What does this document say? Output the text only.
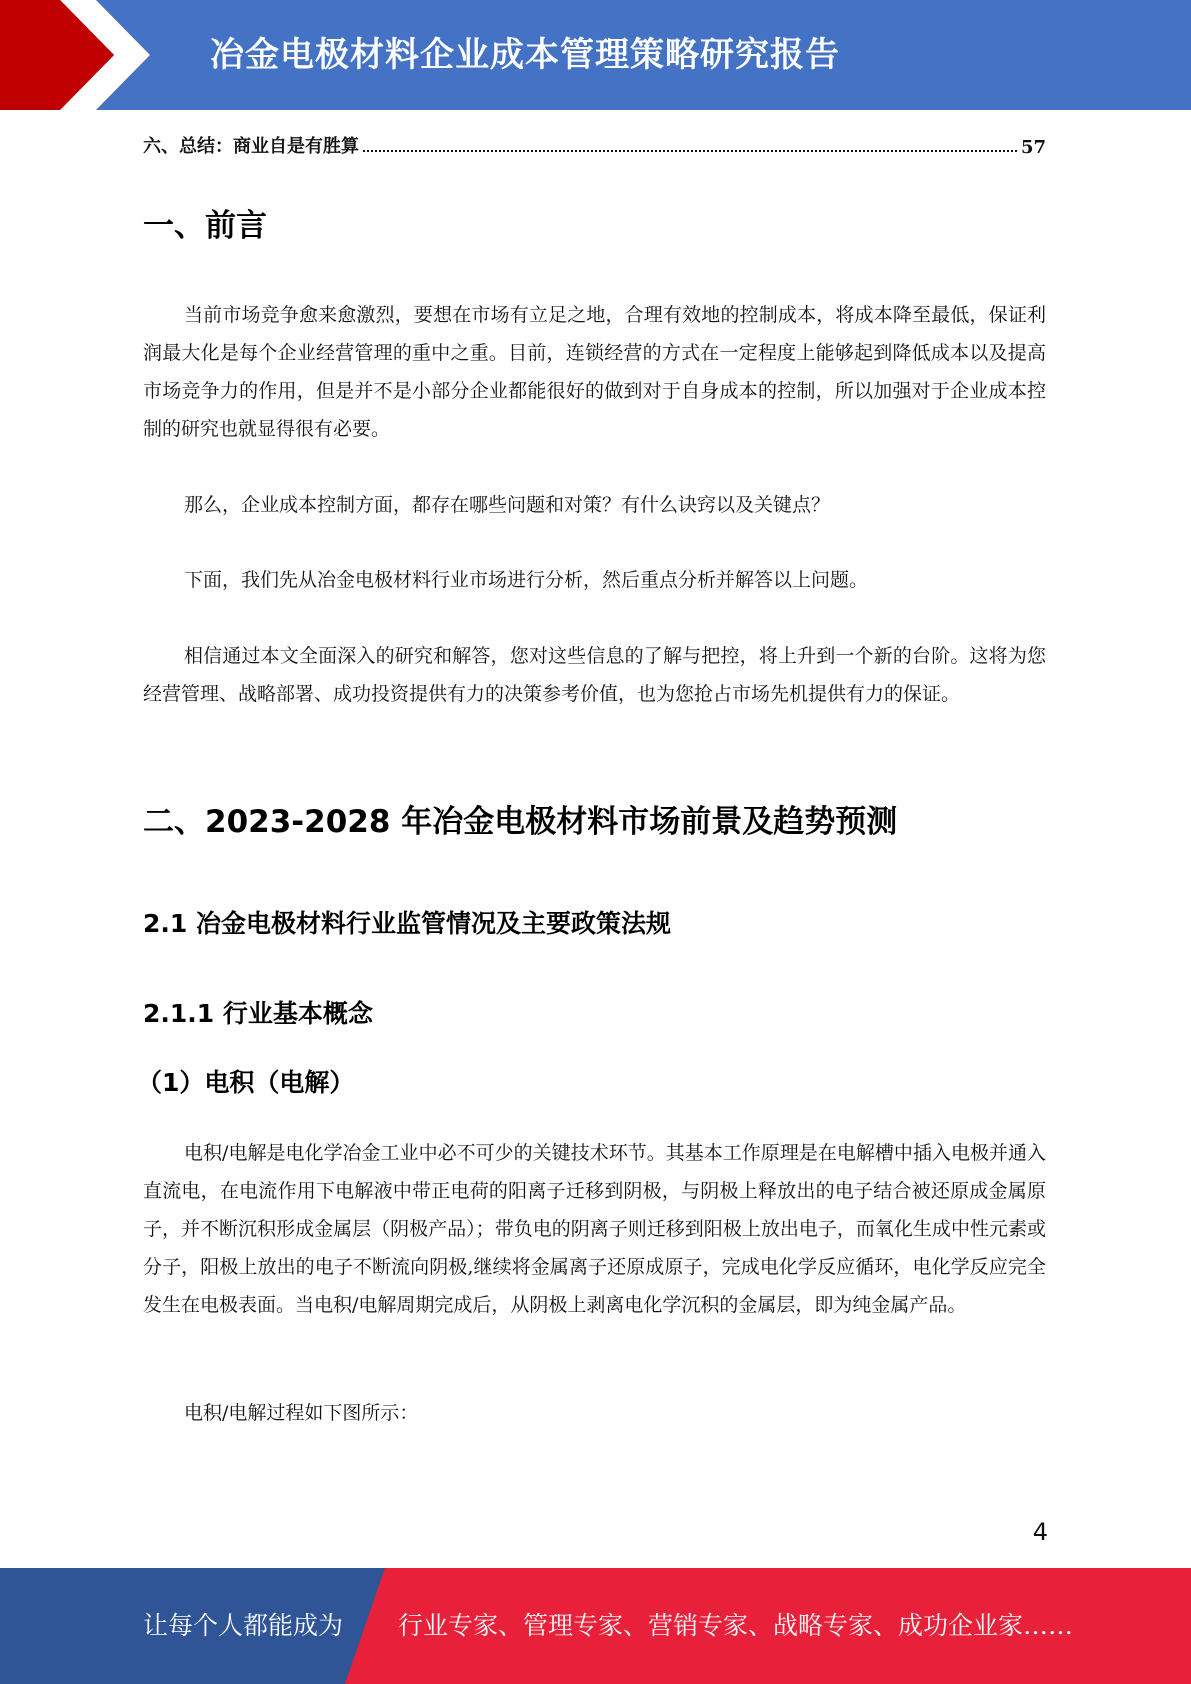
冶金电极材料企业成本管理策略研究报告
六、总结：商业自是有胜算	57
一、前言
当前市场竞争愈来愈激烈，要想在市场有立足之地，合理有效地的控制成本，将成本降至最低，保证利润最大化是每个企业经营管理的重中之重。目前，连锁经营的方式在一定程度上能够起到降低成本以及提高市场竞争力的作用，但是并不是小部分企业都能很好的做到对于自身成本的控制，所以加强对于企业成本控制的研究也就显得很有必要。
那么，企业成本控制方面，都存在哪些问题和对策？有什么诀窍以及关键点？
下面，我们先从冶金电极材料行业市场进行分析，然后重点分析并解答以上问题。
相信通过本文全面深入的研究和解答，您对这些信息的了解与把控，将上升到一个新的台阶。这将为您经营管理、战略部署、成功投资提供有力的决策参考价值，也为您抢占市场先机提供有力的保证。
二、2023-2028 年冶金电极材料市场前景及趋势预测
2.1 冶金电极材料行业监管情况及主要政策法规
2.1.1 行业基本概念
（1）电积（电解）
电积/电解是电化学冶金工业中必不可少的关键技术环节。其基本工作原理是在电解槽中插入电极并通入直流电，在电流作用下电解液中带正电荷的阳离子迁移到阴极，与阴极上释放出的电子结合被还原成金属原子，并不断沉积形成金属层（阴极产品）；带负电的阴离子则迁移到阳极上放出电子，而氧化生成中性元素或分子，阳极上放出的电子不断流向阴极,继续将金属离子还原成原子，完成电化学反应循环，电化学反应完全发生在电极表面。当电积/电解周期完成后，从阴极上剥离电化学沉积的金属层，即为纯金属产品。
电积/电解过程如下图所示：
4
让每个人都能成为 行业专家、管理专家、营销专家、战略专家、成功企业家……
